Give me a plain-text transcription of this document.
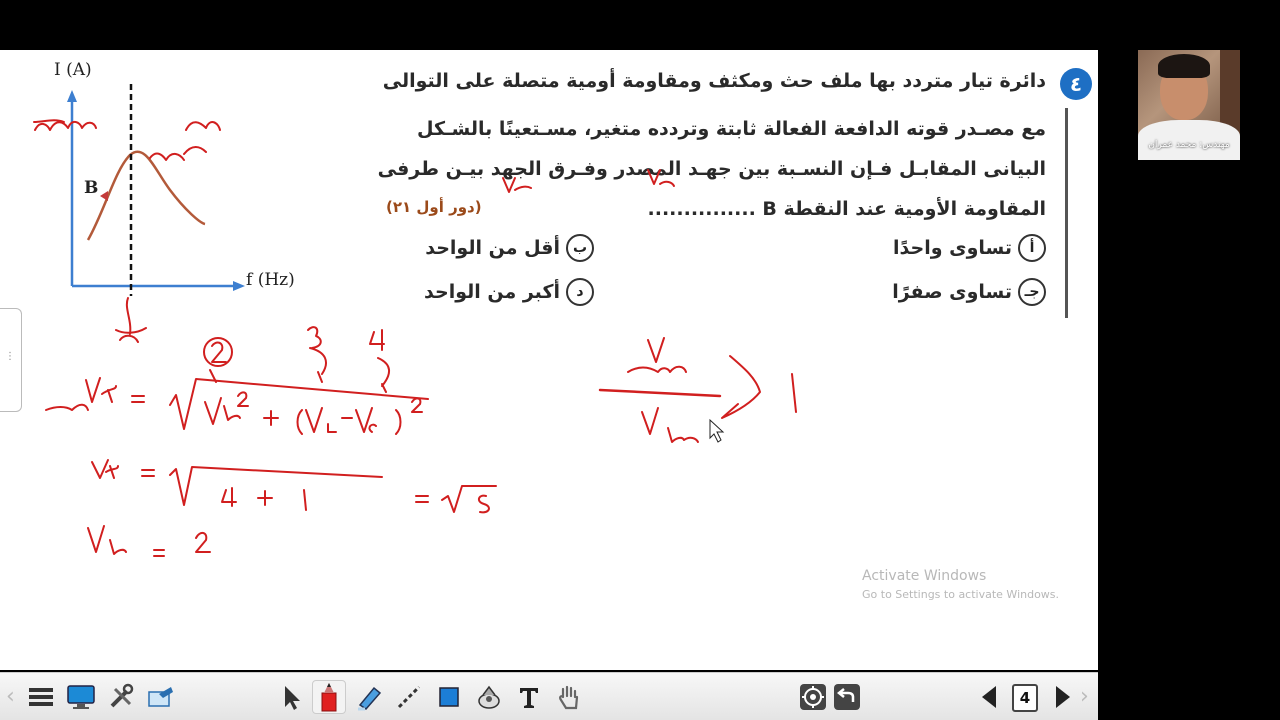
٤
دائرة تيار متردد بها ملف حث ومكثف ومقاومة أومية متصلة على التوالى
مع مصـدر قوته الدافعة الفعالة ثابتة وتردده متغير، مسـتعينًا بالشـكل
البيانى المقابـل فـإن النسـبة بين جهـد المصدر وفـرق الجهد بيـن طرفى
المقاومة الأومية عند النقطة B ...............
(دور أول ٢١)
أ
تساوى واحدًا
ب
أقل من الواحد
جـ
تساوى صفرًا
د
أكبر من الواحد
I (A)
f (Hz)
B
⋮
Activate Windows
Go to Settings to activate Windows.
‹	4	›
مهندس: محمد عمران
